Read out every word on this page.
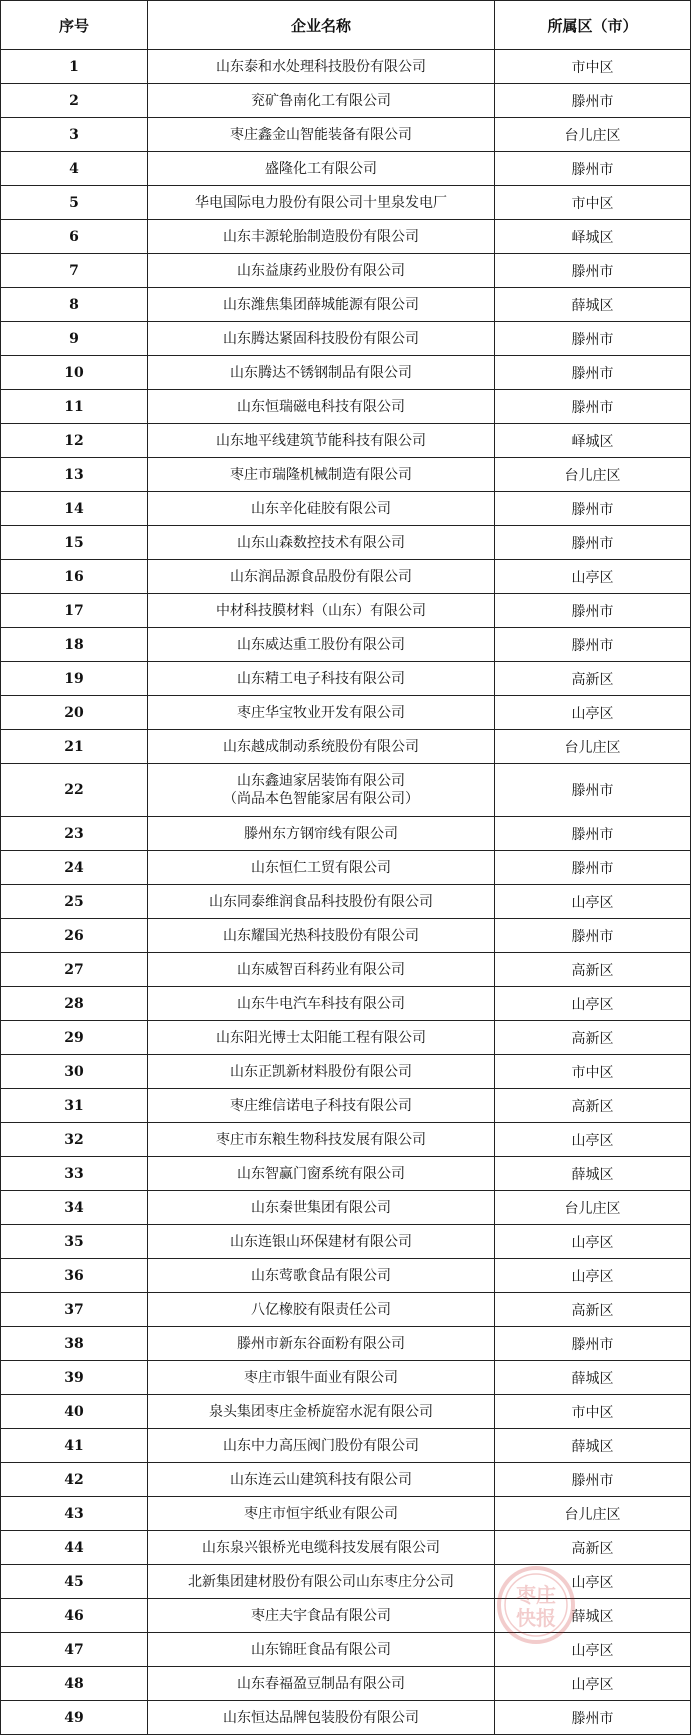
序号	企业名称	所属区（市）
1	山东泰和水处理科技股份有限公司	市中区
2	兖矿鲁南化工有限公司	滕州市
3	枣庄鑫金山智能装备有限公司	台儿庄区
4	盛隆化工有限公司	滕州市
5	华电国际电力股份有限公司十里泉发电厂	市中区
6	山东丰源轮胎制造股份有限公司	峄城区
7	山东益康药业股份有限公司	滕州市
8	山东潍焦集团薛城能源有限公司	薛城区
9	山东腾达紧固科技股份有限公司	滕州市
10	山东腾达不锈钢制品有限公司	滕州市
11	山东恒瑞磁电科技有限公司	滕州市
12	山东地平线建筑节能科技有限公司	峄城区
13	枣庄市瑞隆机械制造有限公司	台儿庄区
14	山东辛化硅胶有限公司	滕州市
15	山东山森数控技术有限公司	滕州市
16	山东润品源食品股份有限公司	山亭区
17	中材科技膜材料（山东）有限公司	滕州市
18	山东威达重工股份有限公司	滕州市
19	山东精工电子科技有限公司	高新区
20	枣庄华宝牧业开发有限公司	山亭区
21	山东越成制动系统股份有限公司	台儿庄区
22	山东鑫迪家居装饰有限公司
（尚品本色智能家居有限公司）	滕州市
23	滕州东方钢帘线有限公司	滕州市
24	山东恒仁工贸有限公司	滕州市
25	山东同泰维润食品科技股份有限公司	山亭区
26	山东耀国光热科技股份有限公司	滕州市
27	山东威智百科药业有限公司	高新区
28	山东牛电汽车科技有限公司	山亭区
29	山东阳光博士太阳能工程有限公司	高新区
30	山东正凯新材料股份有限公司	市中区
31	枣庄维信诺电子科技有限公司	高新区
32	枣庄市东粮生物科技发展有限公司	山亭区
33	山东智赢门窗系统有限公司	薛城区
34	山东秦世集团有限公司	台儿庄区
35	山东连银山环保建材有限公司	山亭区
36	山东莺歌食品有限公司	山亭区
37	八亿橡胶有限责任公司	高新区
38	滕州市新东谷面粉有限公司	滕州市
39	枣庄市银牛面业有限公司	薛城区
40	泉头集团枣庄金桥旋窑水泥有限公司	市中区
41	山东中力高压阀门股份有限公司	薛城区
42	山东连云山建筑科技有限公司	滕州市
43	枣庄市恒宇纸业有限公司	台儿庄区
44	山东泉兴银桥光电缆科技发展有限公司	高新区
45	北新集团建材股份有限公司山东枣庄分公司	山亭区
46	枣庄夫宇食品有限公司	薛城区
47	山东锦旺食品有限公司	山亭区
48	山东春福盈豆制品有限公司	山亭区
49	山东恒达品牌包装股份有限公司	滕州市
枣庄
快报
